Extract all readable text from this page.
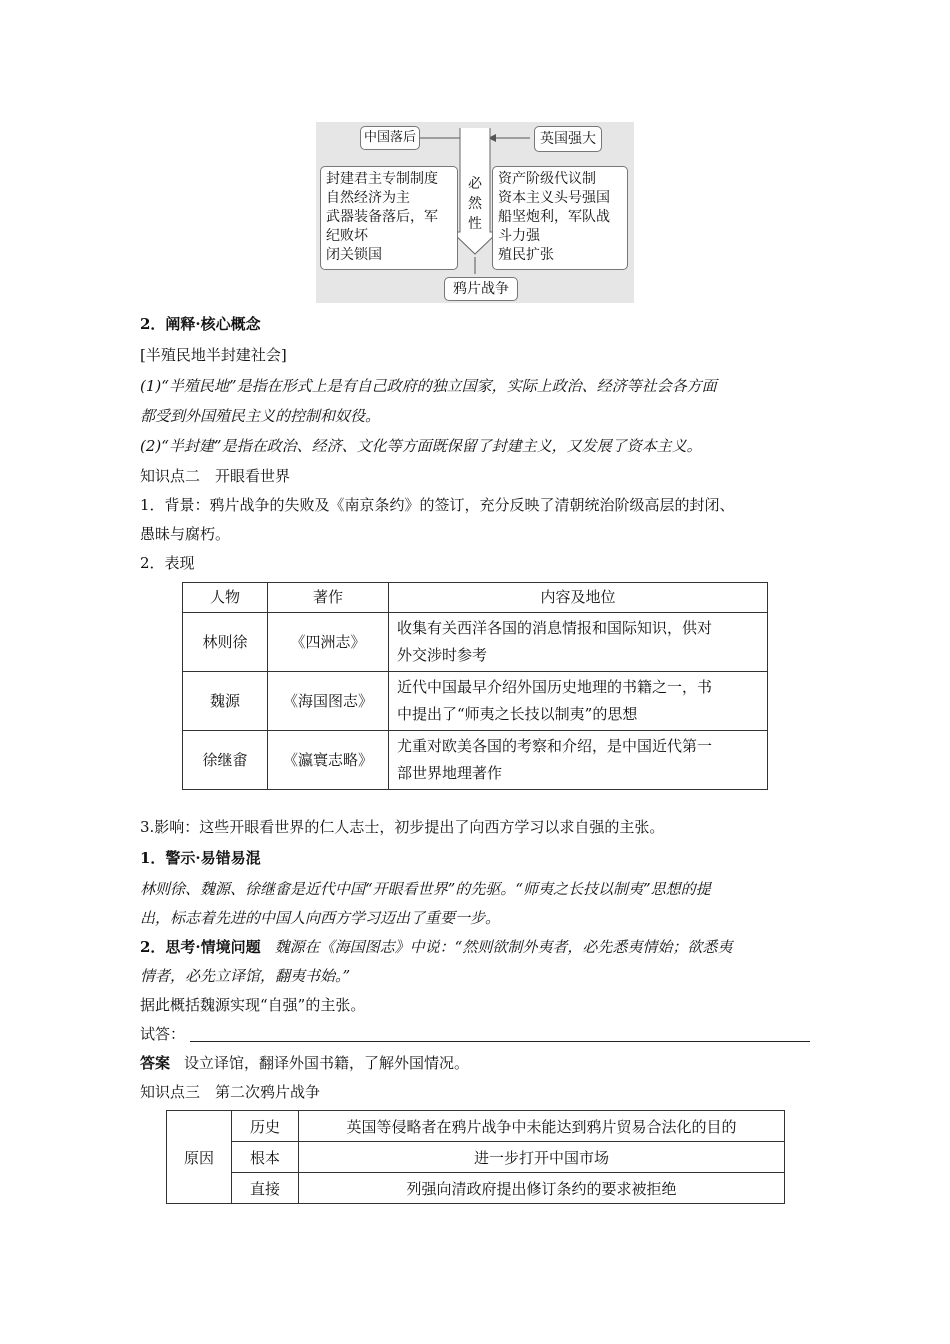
中国落后	英国强大
封建君主专制制度
自然经济为主
武器装备落后，军
纪败坏
闭关锁国
必然性
资产阶级代议制
资本主义头号强国
船坚炮利，军队战
斗力强
殖民扩张
鸦片战争
2．阐释·核心概念
[半殖民地半封建社会]
(1)“半殖民地”是指在形式上是有自己政府的独立国家，实际上政治、经济等社会各方面
都受到外国殖民主义的控制和奴役。
(2)“半封建”是指在政治、经济、文化等方面既保留了封建主义，又发展了资本主义。
知识点二　开眼看世界
1．背景：鸦片战争的失败及《南京条约》的签订，充分反映了清朝统治阶级高层的封闭、
愚昧与腐朽。
2．表现
人物	著作	内容及地位
林则徐	《四洲志》	收集有关西洋各国的消息情报和国际知识，供对
外交涉时参考

魏源	《海国图志》	近代中国最早介绍外国历史地理的书籍之一，书
中提出了“师夷之长技以制夷”的思想

徐继畬	《瀛寰志略》	尤重对欧美各国的考察和介绍，是中国近代第一
部世界地理著作
3.影响：这些开眼看世界的仁人志士，初步提出了向西方学习以求自强的主张。
1．警示·易错易混
林则徐、魏源、徐继畬是近代中国“开眼看世界”的先驱。“师夷之长技以制夷”思想的提
出，标志着先进的中国人向西方学习迈出了重要一步。
2．思考·情境问题 魏源在《海国图志》中说：“然则欲制外夷者，必先悉夷情始；欲悉夷
情者，必先立译馆，翻夷书始。”
据此概括魏源实现“自强”的主张。
试答：
答案 设立译馆，翻译外国书籍，了解外国情况。
知识点三　第二次鸦片战争
原因	历史	英国等侵略者在鸦片战争中未能达到鸦片贸易合法化的目的
	根本	进一步打开中国市场
	直接	列强向清政府提出修订条约的要求被拒绝
